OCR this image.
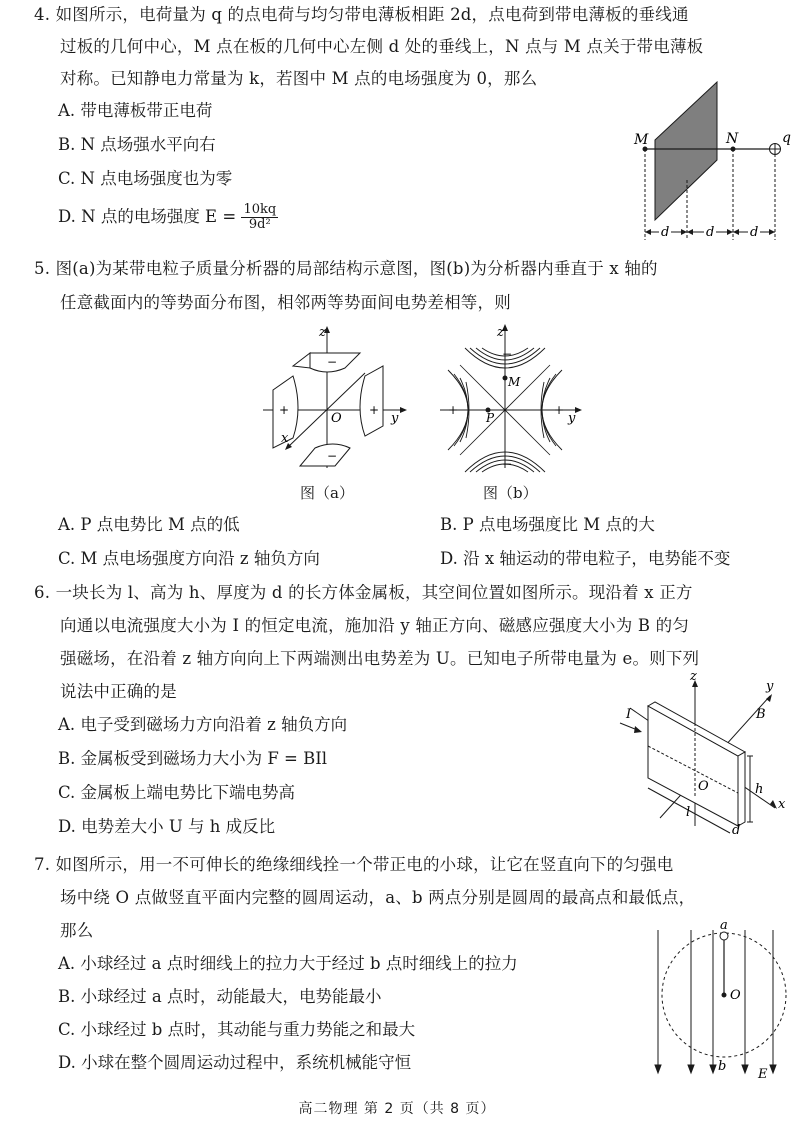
4. 如图所示，电荷量为 q 的点电荷与均匀带电薄板相距 2d，点电荷到带电薄板的垂线通
过板的几何中心，M 点在板的几何中心左侧 d 处的垂线上，N 点与 M 点关于带电薄板
对称。已知静电力常量为 k，若图中 M 点的电场强度为 0，那么
A. 带电薄板带正电荷
B. N 点场强水平向右
C. N 点电场强度也为零
D. N 点的电场强度 $E = \frac{10kq}{\text{9d²}}$
M	N	q
d	d	d
5. 图(a)为某带电粒子质量分析器的局部结构示意图，图(b)为分析器内垂直于 x 轴的
任意截面内的等势面分布图，相邻两等势面间电势差相等，则
z
y
x
O
+	+
−
−
图（a）
z
y
M
P
−
−
+	+
图（b）
A. P 点电势比 M 点的低	B. P 点电场强度比 M 点的大
C. M 点电场强度方向沿 z 轴负方向	D. 沿 x 轴运动的带电粒子，电势能不变
6. 一块长为 l、高为 h、厚度为 d 的长方体金属板，其空间位置如图所示。现沿着 x 正方
向通以电流强度大小为 I 的恒定电流，施加沿 y 轴正方向、磁感应强度大小为 B 的匀
强磁场，在沿着 z 轴方向向上下两端测出电势差为 U。已知电子所带电量为 e。则下列
说法中正确的是
A. 电子受到磁场力方向沿着 z 轴负方向
B. 金属板受到磁场力大小为 F = BIl
C. 金属板上端电势比下端电势高
D. 电势差大小 U 与 h 成反比
z
y
x
B
I
O	h
l
d
7. 如图所示，用一不可伸长的绝缘细线拴一个带正电的小球，让它在竖直向下的匀强电
场中绕 O 点做竖直平面内完整的圆周运动，a、b 两点分别是圆周的最高点和最低点，
那么
A. 小球经过 a 点时细线上的拉力大于经过 b 点时细线上的拉力
B. 小球经过 a 点时，动能最大，电势能最小
C. 小球经过 b 点时，其动能与重力势能之和最大
D. 小球在整个圆周运动过程中，系统机械能守恒
a
O
b
E
高二物理 第 2 页（共 8 页）
